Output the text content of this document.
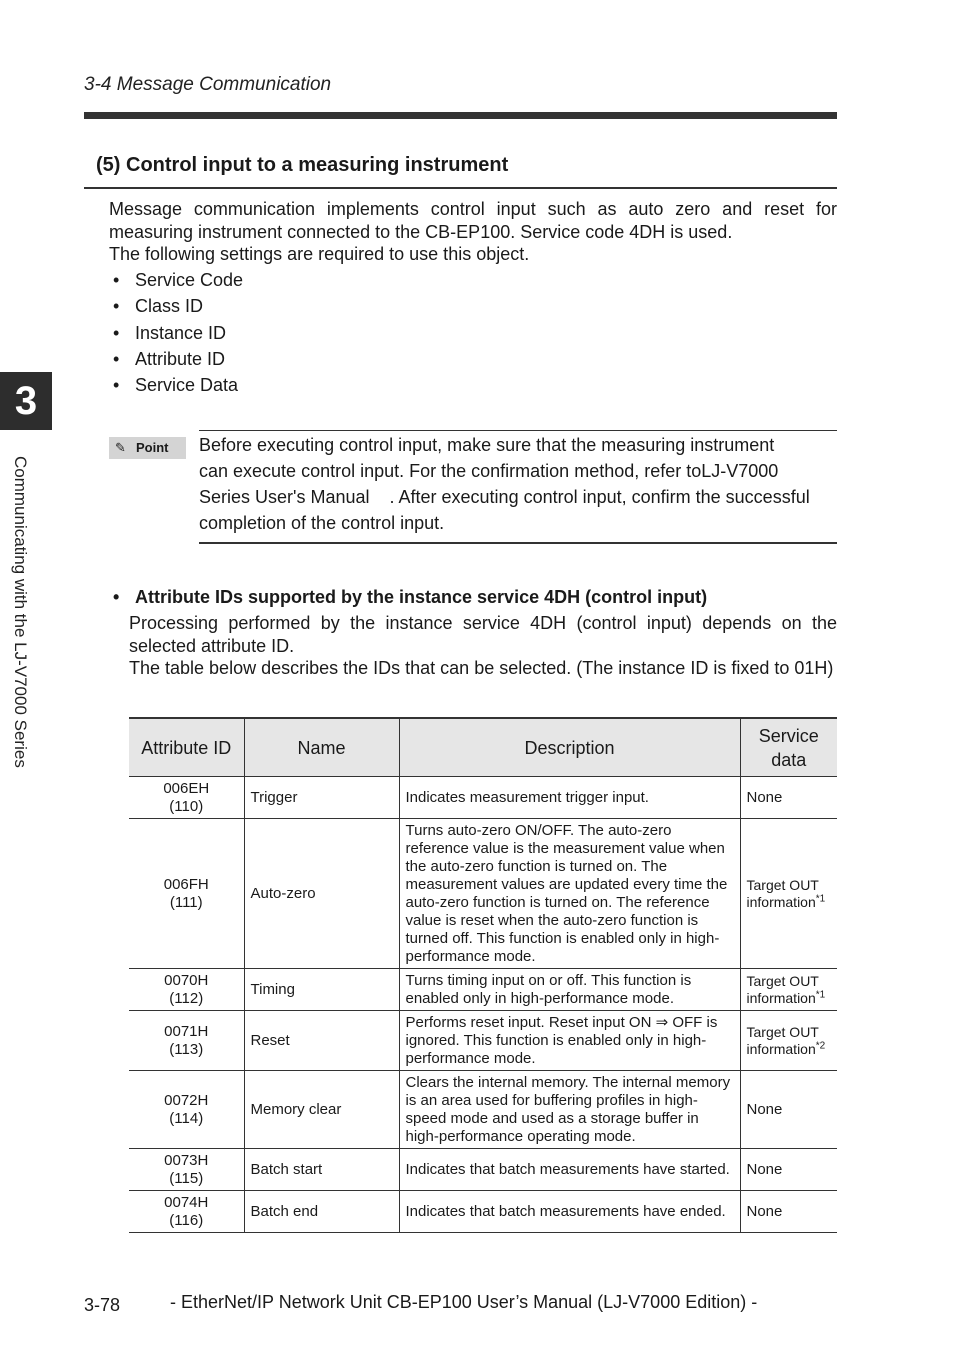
3-4 Message Communication
(5) Control input to a measuring instrument

Message communication implements control input such as auto zero and reset for measuring instrument connected to the CB-EP100. Service code 4DH is used.

The following settings are required to use this object.

• Service Code
• Class ID
• Instance ID
• Attribute ID
• Service Data
✎ Point Before executing control input, make sure that the measuring instrument

can execute control input. For the confirmation method, refer toLJ-V7000

Series User's Manual    . After executing control input, confirm the successful

completion of the control input.

• Attribute IDs supported by the instance service 4DH (control input)

Processing performed by the instance service 4DH (control input) depends on the selected attribute ID.

The table below describes the IDs that can be selected. (The instance ID is fixed to 01H)

Attribute ID	Name	Description	Service data
006EH
(110)	Trigger	Indicates measurement trigger input.	None
006FH
(111)	Auto-zero	Turns auto-zero ON/OFF. The auto-zero reference value is the measurement value when the auto-zero function is turned on. The measurement values are updated every time the auto-zero function is turned on. The reference value is reset when the auto-zero function is turned off. This function is enabled only in high-performance mode.	Target OUT information$^{*1}$
0070H
(112)	Timing	Turns timing input on or off. This function is enabled only in high-performance mode.	Target OUT information$^{*1}$
0071H
(113)	Reset	Performs reset input. Reset input ON ⇒ OFF is ignored. This function is enabled only in high-performance mode.	Target OUT information$^{*2}$
0072H
(114)	Memory clear	Clears the internal memory. The internal memory is an area used for buffering profiles in high-speed mode and used as a storage buffer in high-performance operating mode.	None
0073H
(115)	Batch start	Indicates that batch measurements have started.	None
0074H
(116)	Batch end	Indicates that batch measurements have ended.	None
3
Communicating with the LJ-V7000 Series
3-78	- EtherNet/IP Network Unit CB-EP100 User’s Manual (LJ-V7000 Edition) -
